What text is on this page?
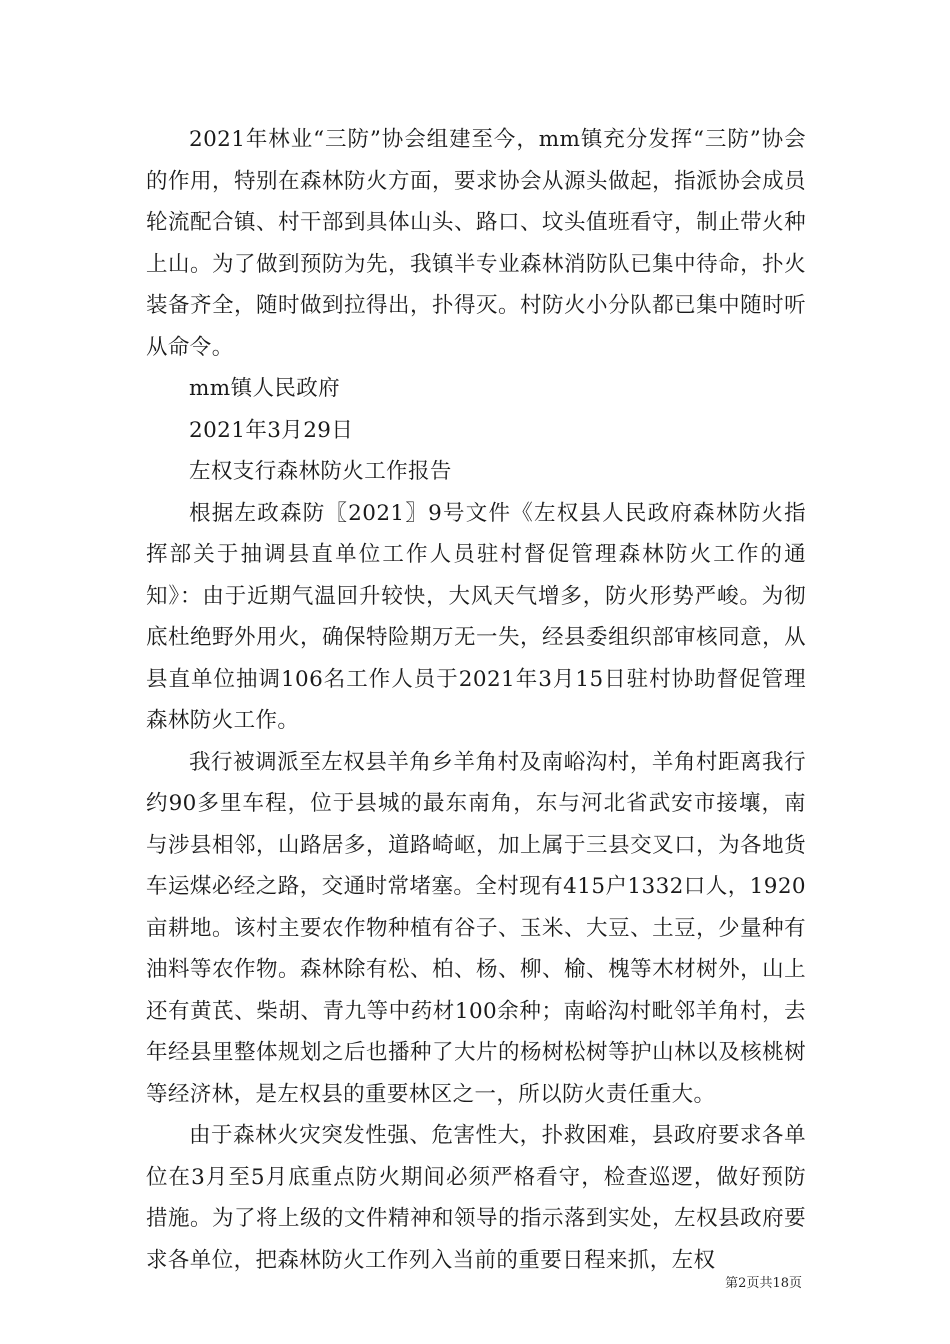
2021年林业“三防”协会组建至今，mm镇充分发挥“三防”协会的作用，特别在森林防火方面，要求协会从源头做起，指派协会成员轮流配合镇、村干部到具体山头、路口、坟头值班看守，制止带火种上山。为了做到预防为先，我镇半专业森林消防队已集中待命，扑火装备齐全，随时做到拉得出，扑得灭。村防火小分队都已集中随时听从命令。

mm镇人民政府

2021年3月29日

左权支行森林防火工作报告

根据左政森防〖2021〗9号文件《左权县人民政府森林防火指挥部关于抽调县直单位工作人员驻村督促管理森林防火工作的通知》：由于近期气温回升较快，大风天气增多，防火形势严峻。为彻底杜绝野外用火，确保特险期万无一失，经县委组织部审核同意，从县直单位抽调106名工作人员于2021年3月15日驻村协助督促管理森林防火工作。

我行被调派至左权县羊角乡羊角村及南峪沟村，羊角村距离我行约90多里车程，位于县城的最东南角，东与河北省武安市接壤，南与涉县相邻，山路居多，道路崎岖，加上属于三县交叉口，为各地货车运煤必经之路，交通时常堵塞。全村现有415户1332口人，1920亩耕地。该村主要农作物种植有谷子、玉米、大豆、土豆，少量种有油料等农作物。森林除有松、柏、杨、柳、榆、槐等木材树外，山上还有黄芪、柴胡、青九等中药材100余种；南峪沟村毗邻羊角村，去年经县里整体规划之后也播种了大片的杨树松树等护山林以及核桃树等经济林，是左权县的重要林区之一，所以防火责任重大。

由于森林火灾突发性强、危害性大，扑救困难，县政府要求各单位在3月至5月底重点防火期间必须严格看守，检查巡逻，做好预防措施。为了将上级的文件精神和领导的指示落到实处，左权县政府要求各单位，把森林防火工作列入当前的重要日程来抓，左权

第2页共18页
